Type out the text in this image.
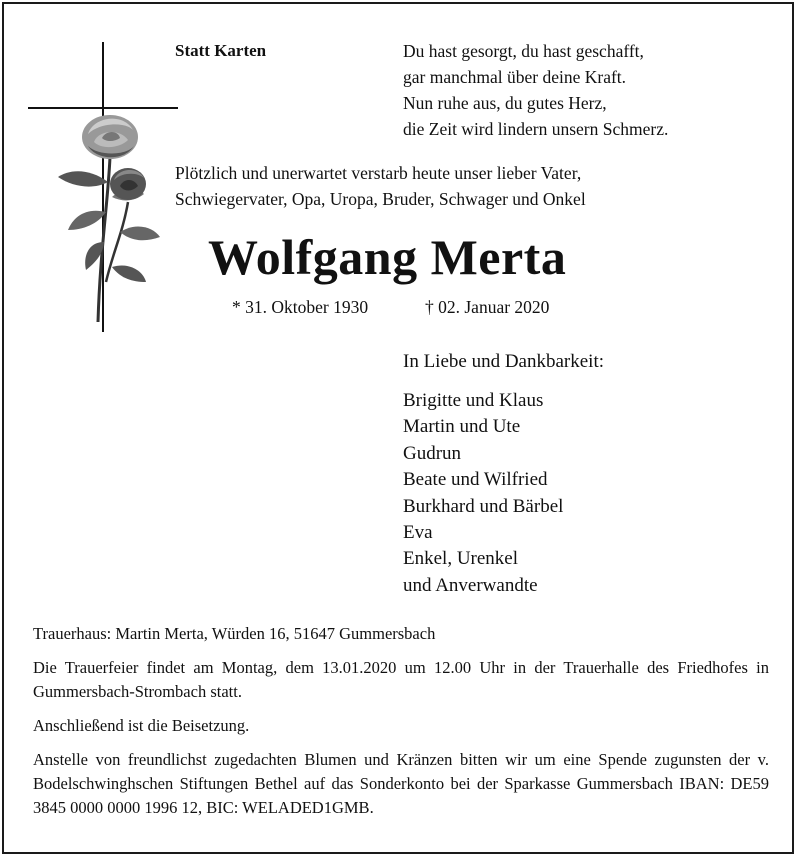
Statt Karten	Du hast gesorgt, du hast geschafft,
gar manchmal über deine Kraft.
Nun ruhe aus, du gutes Herz,
die Zeit wird lindern unsern Schmerz.
Plötzlich und unerwartet verstarb heute unser lieber Vater,
Schwiegervater, Opa, Uropa, Bruder, Schwager und Onkel
Wolfgang Merta
* 31. Oktober 1930	† 02. Januar 2020
In Liebe und Dankbarkeit:
Brigitte und Klaus
Martin und Ute
Gudrun
Beate und Wilfried
Burkhard und Bärbel
Eva
Enkel, Urenkel
und Anverwandte

Trauerhaus: Martin Merta, Würden 16, 51647 Gummersbach

Die Trauerfeier findet am Montag, dem 13.01.2020 um 12.00 Uhr in der Trauerhalle des Friedhofes in Gummersbach-Strombach statt.

Anschließend ist die Beisetzung.

Anstelle von freundlichst zugedachten Blumen und Kränzen bitten wir um eine Spende zugunsten der v. Bodelschwinghschen Stiftungen Bethel auf das Sonderkonto bei der Sparkasse Gummersbach IBAN: DE59 3845 0000 0000 1996 12, BIC: WELADED1GMB.
